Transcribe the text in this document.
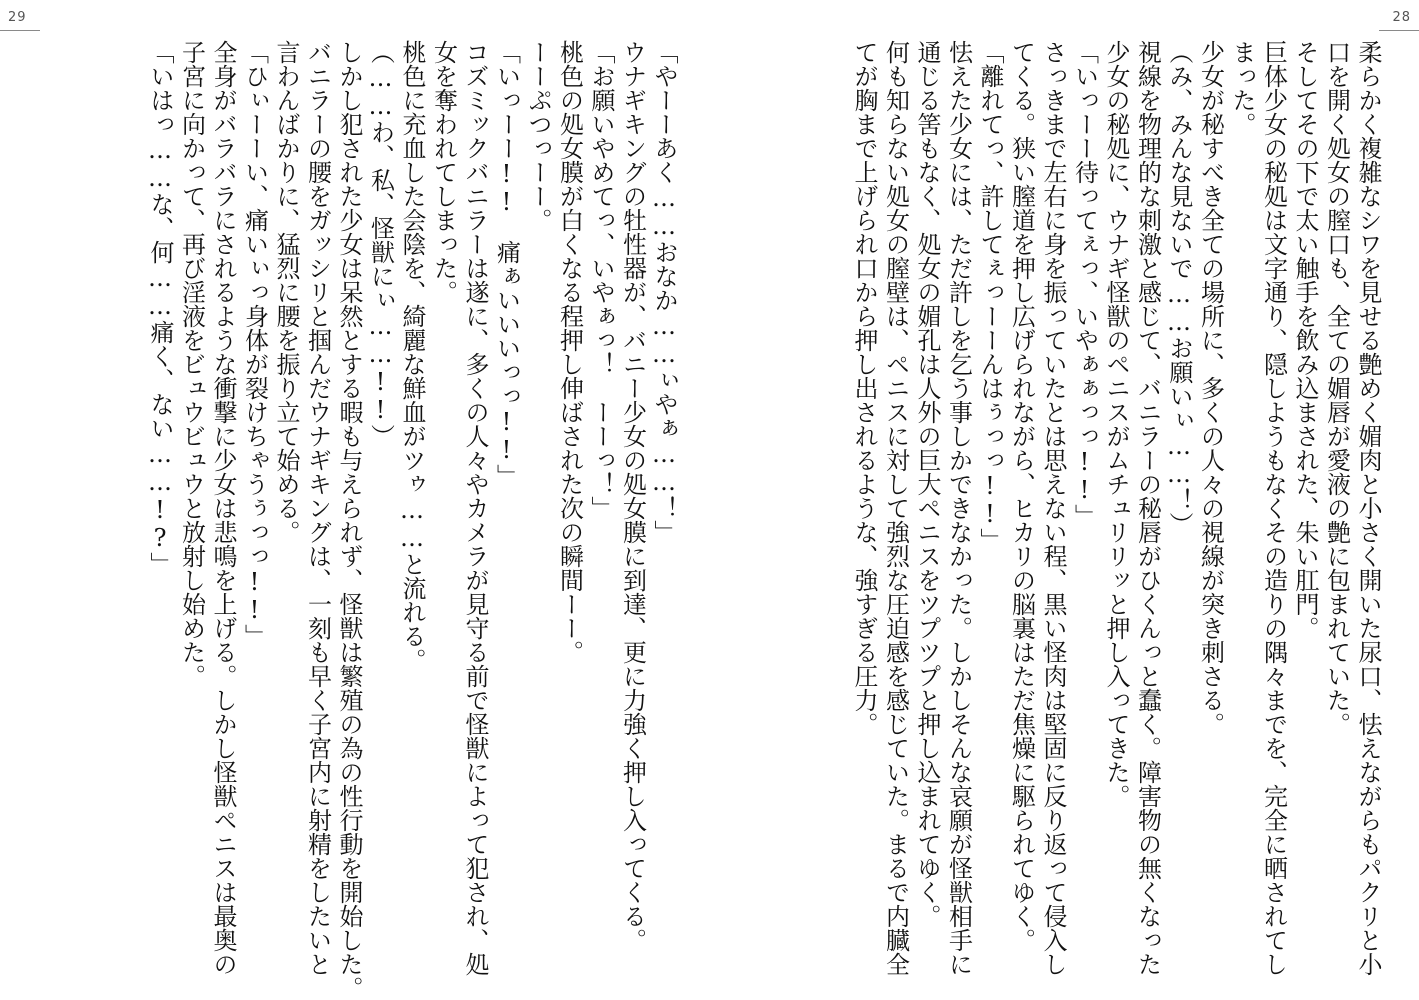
29
「やーーあく……おなか……ぃやぁ……！」
ウナギキングの牡性器が、バニー少女の処女膜に到達、更に力強く押し入ってくる。
「お願いやめてっ、いやぁっ！　ーーっ！」
桃色の処女膜が白くなる程押し伸ばされた次の瞬間ーー。
ーーぷつっーー。
「いっーー!!　痛ぁいいいっっ!!」
コズミックバニラーは遂に、多くの人々やカメラが見守る前で怪獣によって犯され、処
女を奪われてしまった。
桃色に充血した会陰を、綺麗な鮮血がツゥ……と流れる。
（……わ、私、怪獣にぃ……!!）
しかし犯された少女は呆然とする暇も与えられず、怪獣は繁殖の為の性行動を開始した。
バニラーの腰をガッシリと掴んだウナギキングは、一刻も早く子宮内に射精をしたいと
言わんばかりに、猛烈に腰を振り立て始める。
「ひぃーーい、痛いぃっ身体が裂けちゃうぅっっ!!」
全身がバラバラにされるような衝撃に少女は悲鳴を上げる。しかし怪獣ペニスは最奥の
子宮に向かって、再び淫液をビュウビュウと放射し始めた。
「いはっ……な、何……痛く、ない……!?」
28
柔らかく複雑なシワを見せる艶めく媚肉と小さく開いた尿口、怯えながらもパクリと小
口を開く処女の膣口も、全ての媚唇が愛液の艶に包まれていた。
そしてその下で太い触手を飲み込まされた、朱い肛門。
巨体少女の秘処は文字通り、隠しようもなくその造りの隅々までを、完全に晒されてし
まった。
少女が秘すべき全ての場所に、多くの人々の視線が突き刺さる。
（み、みんな見ないで……お願いぃ……！）
視線を物理的な刺激と感じて、バニラーの秘唇がひくんっと蠢く。障害物の無くなった
少女の秘処に、ウナギ怪獣のペニスがムチュリリッと押し入ってきた。
「いっーー待ってぇっ、いやぁぁっっ!!」
さっきまで左右に身を振っていたとは思えない程、黒い怪肉は堅固に反り返って侵入し
てくる。狭い膣道を押し広げられながら、ヒカリの脳裏はただ焦燥に駆られてゆく。
「離れてっ、許してぇっーーんはぅっっ!!」
怯えた少女には、ただ許しを乞う事しかできなかった。しかしそんな哀願が怪獣相手に
通じる筈もなく、処女の媚孔は人外の巨大ペニスをツプツプと押し込まれてゆく。
何も知らない処女の膣壁は、ペニスに対して強烈な圧迫感を感じていた。まるで内臓全
てが胸まで上げられ口から押し出されるような、強すぎる圧力。
